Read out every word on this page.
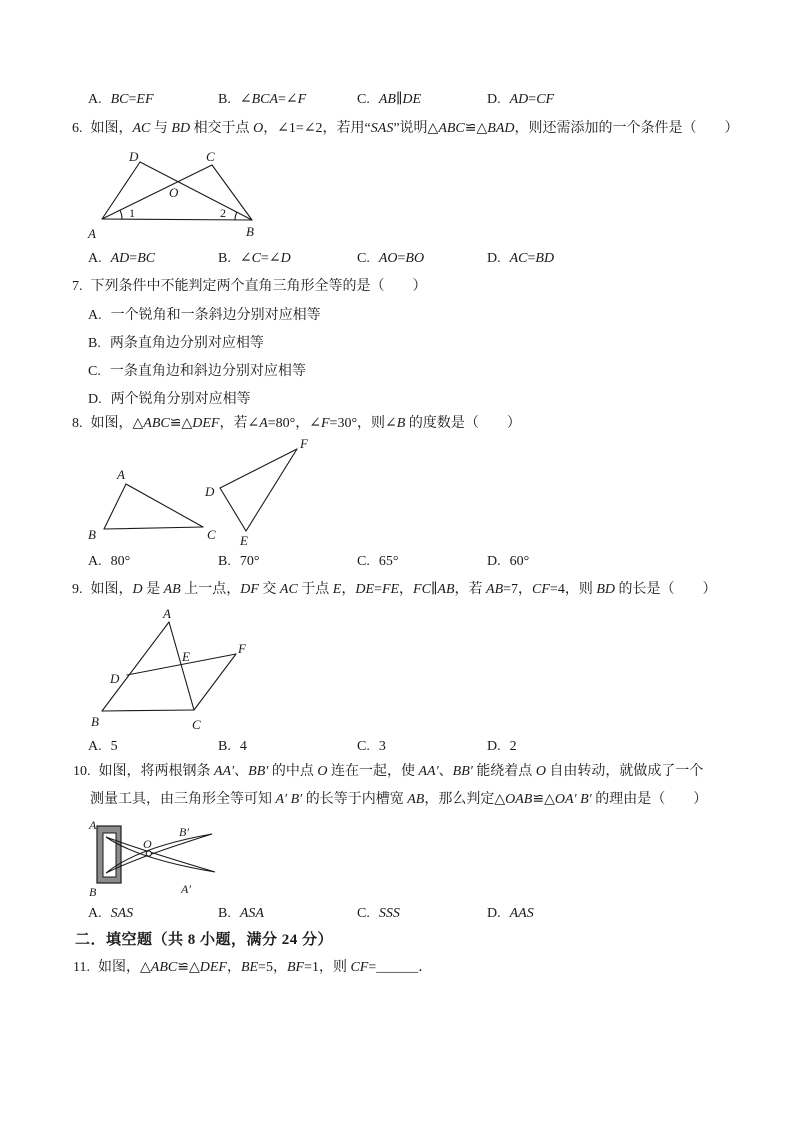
A. BC=EF	B. ∠BCA=∠F	C. AB∥DE	D. AD=CF
6. 如图，AC 与 BD 相交于点 O，∠1=∠2，若用“SAS”说明△ABC≌△BAD，则还需添加的一个条件是（　　）
A	B
C
D
O
1	2
A. AD=BC	B. ∠C=∠D	C. AO=BO	D. AC=BD
7. 下列条件中不能判定两个直角三角形全等的是（　　）
A. 一个锐角和一条斜边分别对应相等
B. 两条直角边分别对应相等
C. 一条直角边和斜边分别对应相等
D. 两个锐角分别对应相等
8. 如图，△ABC≌△DEF，若∠A=80°，∠F=30°，则∠B 的度数是（　　）
A
B	C
D
E
F
A. 80°	B. 70°	C. 65°	D. 60°
9. 如图，D 是 AB 上一点，DF 交 AC 于点 E，DE=FE，FC∥AB，若 AB=7，CF=4，则 BD 的长是（　　）
A
B	C
D
E
F
A. 5	B. 4	C. 3	D. 2
10. 如图，将两根钢条 AA′、BB′ 的中点 O 连在一起，使 AA′、BB′ 能绕着点 O 自由转动，就做成了一个
测量工具，由三角形全等可知 A′ B′ 的长等于内槽宽 AB，那么判定△OAB≌△OA′ B′ 的理由是（　　）
A
B
B′
A′
O
A. SAS	B. ASA	C. SSS	D. AAS
二．填空题（共 8 小题，满分 24 分）
11. 如图，△ABC≌△DEF，BE=5，BF=1，则 CF=______．
